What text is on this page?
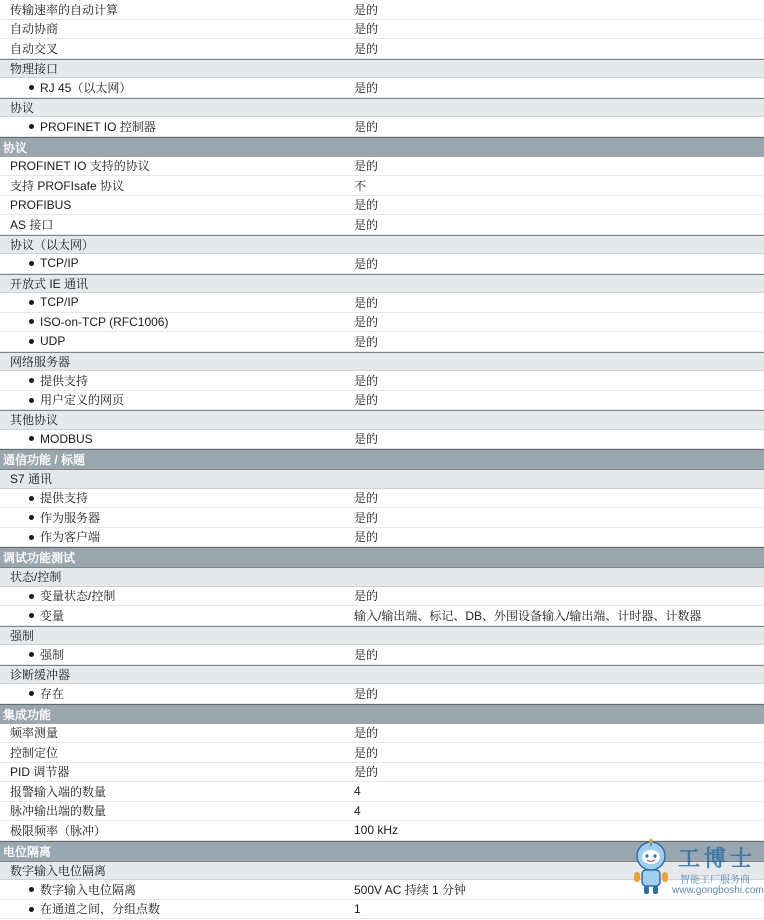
传输速率的自动计算	是的
自动协商	是的
自动交叉	是的
物理接口
RJ 45（以太网）	是的
协议
PROFINET IO 控制器	是的
协议
PROFINET IO 支持的协议	是的
支持 PROFIsafe 协议	不
PROFIBUS	是的
AS 接口	是的
协议（以太网）
TCP/IP	是的
开放式 IE 通讯
TCP/IP	是的
ISO-on-TCP (RFC1006)	是的
UDP	是的
网络服务器
提供支持	是的
用户定义的网页	是的
其他协议
MODBUS	是的
通信功能 / 标题
S7 通讯
提供支持	是的
作为服务器	是的
作为客户端	是的
调试功能测试
状态/控制
变量状态/控制	是的
变量	输入/输出端、标记、DB、外围设备输入/输出端、计时器、计数器
强制
强制	是的
诊断缓冲器
存在	是的
集成功能
频率测量	是的
控制定位	是的
PID 调节器	是的
报警输入端的数量	4
脉冲输出端的数量	4
极限频率（脉冲）	100 kHz
电位隔离
数字输入电位隔离
数字输入电位隔离	500V AC 持续 1 分钟
在通道之间，分组点数	1
工博士
智能工厂服务商
www.gongboshi.com
